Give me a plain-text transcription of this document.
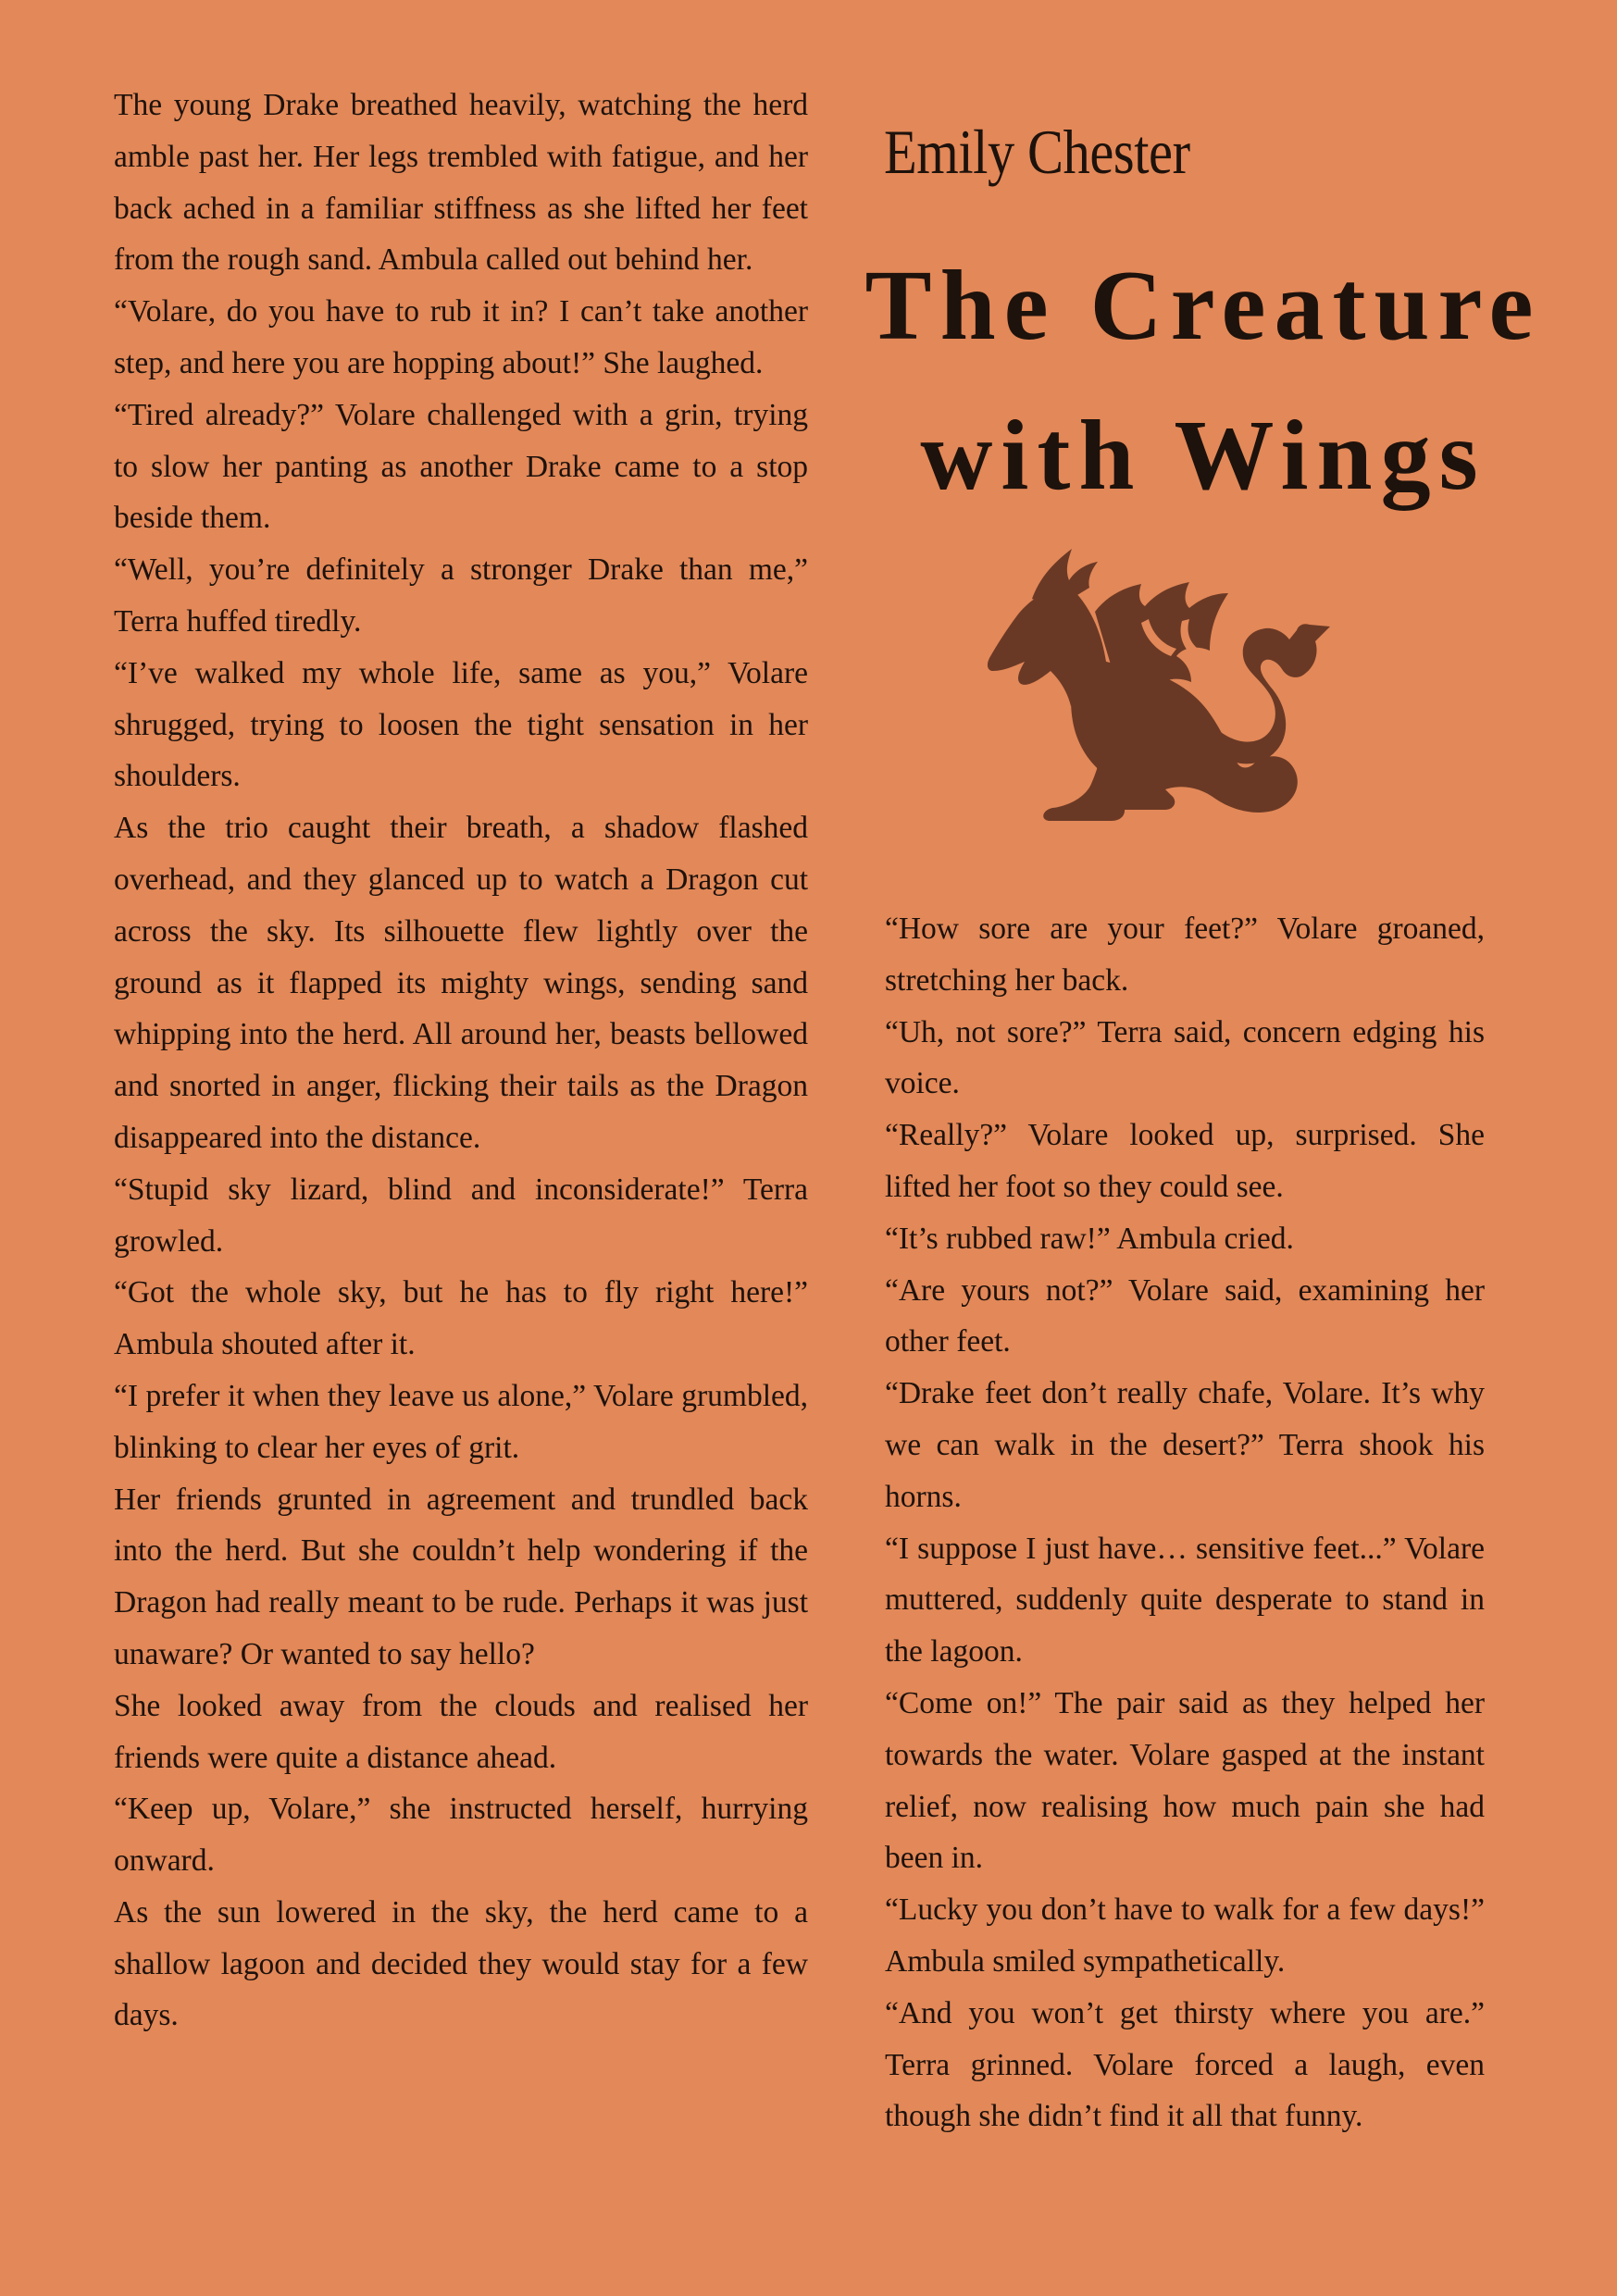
The young Drake breathed heavily, watching the herd amble past her. Her legs trembled with fatigue, and her back ached in a familiar stiffness as she lifted her feet from the rough sand. Ambula called out behind her.

“Volare, do you have to rub it in? I can’t take another step, and here you are hopping about!” She laughed.

“Tired already?” Volare challenged with a grin, trying to slow her panting as another Drake came to a stop beside them.

“Well, you’re definitely a stronger Drake than me,” Terra huffed tiredly.

“I’ve walked my whole life, same as you,” Volare shrugged, trying to loosen the tight sensation in her shoulders.

As the trio caught their breath, a shadow flashed overhead, and they glanced up to watch a Dragon cut across the sky. Its silhouette flew lightly over the ground as it flapped its mighty wings, sending sand whipping into the herd. All around her, beasts bellowed and snorted in anger, flicking their tails as the Dragon disappeared into the distance.

“Stupid sky lizard, blind and inconsiderate!” Terra growled.

“Got the whole sky, but he has to fly right here!” Ambula shouted after it.

“I prefer it when they leave us alone,” Volare grumbled, blinking to clear her eyes of grit.

Her friends grunted in agreement and trundled back into the herd. But she couldn’t help wondering if the Dragon had really meant to be rude. Perhaps it was just unaware? Or wanted to say hello?

She looked away from the clouds and realised her friends were quite a distance ahead.

“Keep up, Volare,” she instructed herself, hurrying onward.

As the sun lowered in the sky, the herd came to a shallow lagoon and decided they would stay for a few days.

Emily Chester
The Creature
with Wings

“How sore are your feet?” Volare groaned, stretching her back.

“Uh, not sore?” Terra said, concern edging his voice.

“Really?” Volare looked up, surprised. She lifted her foot so they could see.

“It’s rubbed raw!” Ambula cried.

“Are yours not?” Volare said, examining her other feet.

“Drake feet don’t really chafe, Volare. It’s why we can walk in the desert?” Terra shook his horns.

“I suppose I just have… sensitive feet...” Volare muttered, suddenly quite desperate to stand in the lagoon.

“Come on!” The pair said as they helped her towards the water. Volare gasped at the instant relief, now realising how much pain she had been in.

“Lucky you don’t have to walk for a few days!” Ambula smiled sympathetically.

“And you won’t get thirsty where you are.” Terra grinned. Volare forced a laugh, even though she didn’t find it all that funny.
